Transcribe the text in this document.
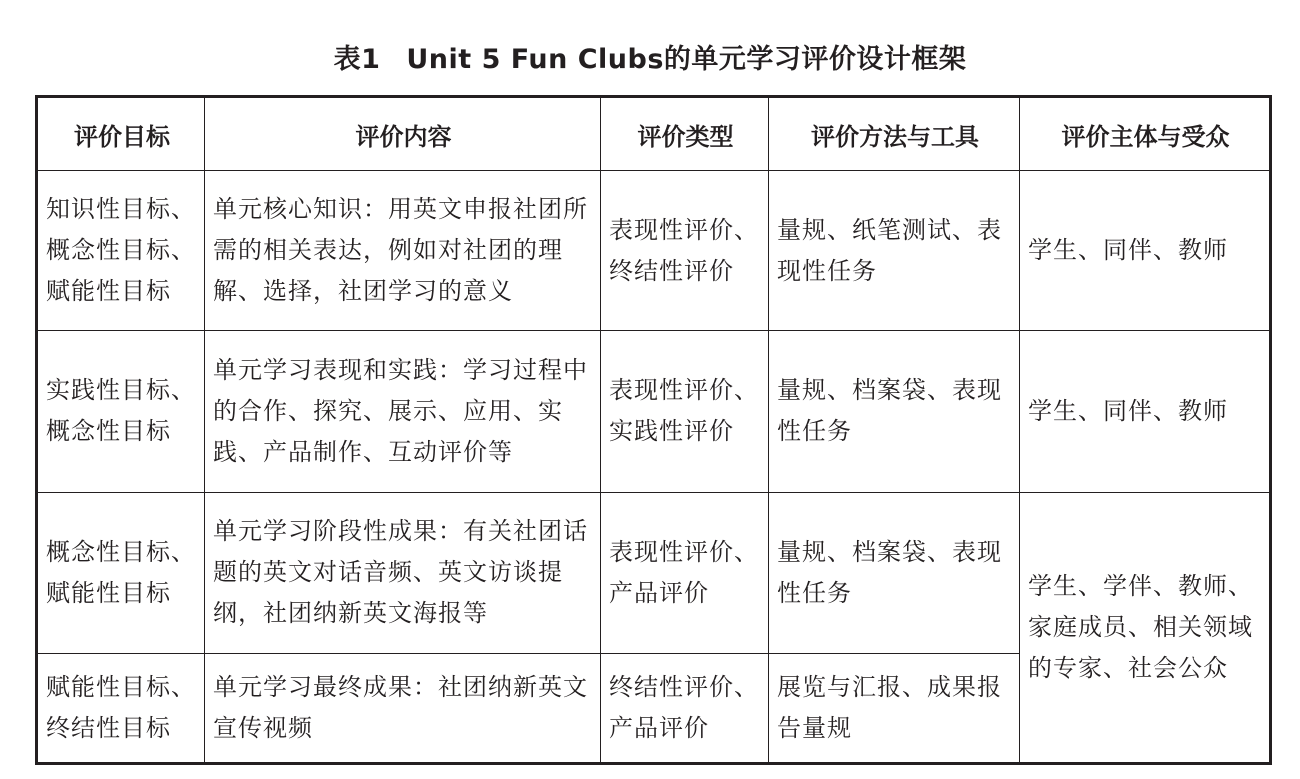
表1 Unit 5 Fun Clubs的单元学习评价设计框架
评价目标	评价内容	评价类型	评价方法与工具	评价主体与受众
知识性目标、概念性目标、赋能性目标	单元核心知识：用英文申报社团所需的相关表达，例如对社团的理解、选择，社团学习的意义	表现性评价、终结性评价	量规、纸笔测试、表现性任务	学生、同伴、教师
实践性目标、概念性目标	单元学习表现和实践：学习过程中的合作、探究、展示、应用、实践、产品制作、互动评价等	表现性评价、实践性评价	量规、档案袋、表现性任务	学生、同伴、教师
概念性目标、赋能性目标	单元学习阶段性成果：有关社团话题的英文对话音频、英文访谈提纲，社团纳新英文海报等	表现性评价、产品评价	量规、档案袋、表现性任务	学生、学伴、教师、家庭成员、相关领域的专家、社会公众
赋能性目标、终结性目标	单元学习最终成果：社团纳新英文宣传视频	终结性评价、产品评价	展览与汇报、成果报告量规	
